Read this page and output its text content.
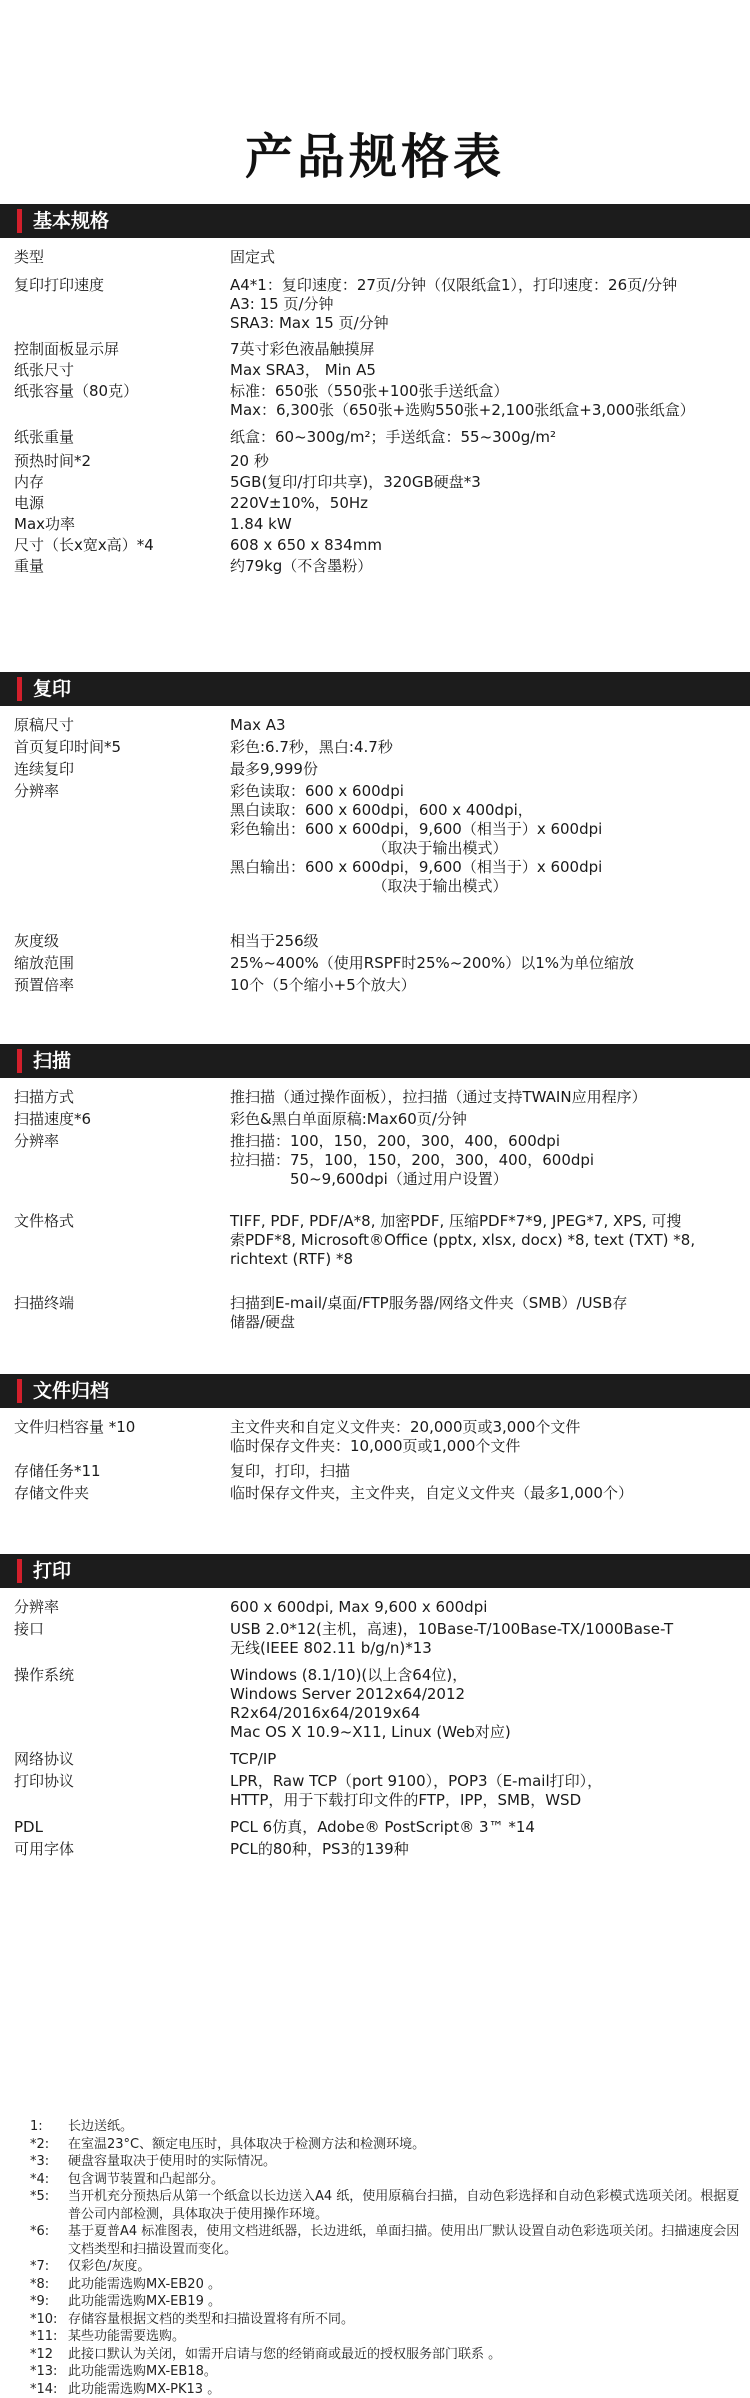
产品规格表
基本规格
类型	固定式
复印打印速度	A4*1：复印速度：27页/分钟（仅限纸盒1），打印速度：26页/分钟
A3: 15 页/分钟
SRA3: Max 15 页/分钟
控制面板显示屏	7英寸彩色液晶触摸屏
纸张尺寸	Max SRA3， Min A5
纸张容量（80克）	标准：650张（550张+100张手送纸盒）
Max：6,300张（650张+选购550张+2,100张纸盒+3,000张纸盒）
纸张重量	纸盒：60~300g/m²；手送纸盒：55~300g/m²
预热时间*2	20 秒
内存	5GB(复印/打印共享)，320GB硬盘*3
电源	220V±10%，50Hz
Max功率	1.84 kW
尺寸（长x宽x高）*4	608 x 650 x 834mm
重量	约79kg（不含墨粉）
复印
原稿尺寸	Max A3
首页复印时间*5	彩色:6.7秒，黑白:4.7秒
连续复印	最多9,999份
分辨率	彩色读取：600 x 600dpi
黑白读取：600 x 600dpi，600 x 400dpi，
彩色输出：600 x 600dpi，9,600（相当于）x 600dpi
　　　　　　　　　　（取决于输出模式）
黑白输出：600 x 600dpi，9,600（相当于）x 600dpi
　　　　　　　　　　（取决于输出模式）
灰度级	相当于256级
缩放范围	25%~400%（使用RSPF时25%~200%）以1%为单位缩放
预置倍率	10个（5个缩小+5个放大）
扫描
扫描方式	推扫描（通过操作面板），拉扫描（通过支持TWAIN应用程序）
扫描速度*6	彩色&黑白单面原稿:Max60页/分钟
分辨率	推扫描：100，150，200，300，400，600dpi
拉扫描：75，100，150，200，300，400，600dpi
　　　　50~9,600dpi（通过用户设置）
文件格式	TIFF, PDF, PDF/A*8, 加密PDF, 压缩PDF*7*9, JPEG*7, XPS, 可搜
索PDF*8, Microsoft®Office (pptx, xlsx, docx) *8, text (TXT) *8,
richtext (RTF) *8
扫描终端	扫描到E-mail/桌面/FTP服务器/网络文件夹（SMB）/USB存
储器/硬盘
文件归档
文件归档容量 *10	主文件夹和自定义文件夹：20,000页或3,000个文件
临时保存文件夹：10,000页或1,000个文件
存储任务*11	复印，打印，扫描
存储文件夹	临时保存文件夹，主文件夹，自定义文件夹（最多1,000个）
打印
分辨率	600 x 600dpi, Max 9,600 x 600dpi
接口	USB 2.0*12(主机，高速)，10Base-T/100Base-TX/1000Base-T
无线(IEEE 802.11 b/g/n)*13
操作系统	Windows (8.1/10)(以上含64位)，
Windows Server 2012x64/2012
R2x64/2016x64/2019x64
Mac OS X 10.9~X11, Linux (Web对应)
网络协议	TCP/IP
打印协议	LPR，Raw TCP（port 9100），POP3（E-mail打印），
HTTP，用于下载打印文件的FTP，IPP，SMB，WSD
PDL	PCL 6仿真，Adobe® PostScript® 3™ *14
可用字体	PCL的80种，PS3的139种
1:	长边送纸。
*2:	在室温23°C、额定电压时，具体取决于检测方法和检测环境。
*3:	硬盘容量取决于使用时的实际情况。
*4:	包含调节装置和凸起部分。
*5:	当开机充分预热后从第一个纸盒以长边送入A4 纸，使用原稿台扫描，自动色彩选择和自动色彩模式选项关闭。根据夏普公司内部检测，具体取决于使用操作环境。
*6:	基于夏普A4 标准图表，使用文档进纸器，长边进纸，单面扫描。使用出厂默认设置自动色彩选项关闭。扫描速度会因文档类型和扫描设置而变化。
*7:	仅彩色/灰度。
*8:	此功能需选购MX-EB20 。
*9:	此功能需选购MX-EB19 。
*10: 存储容量根据文档的类型和扫描设置将有所不同。
*11: 某些功能需要选购。
*12	此接口默认为关闭，如需开启请与您的经销商或最近的授权服务部门联系 。
*13: 此功能需选购MX-EB18。
*14: 此功能需选购MX-PK13 。
